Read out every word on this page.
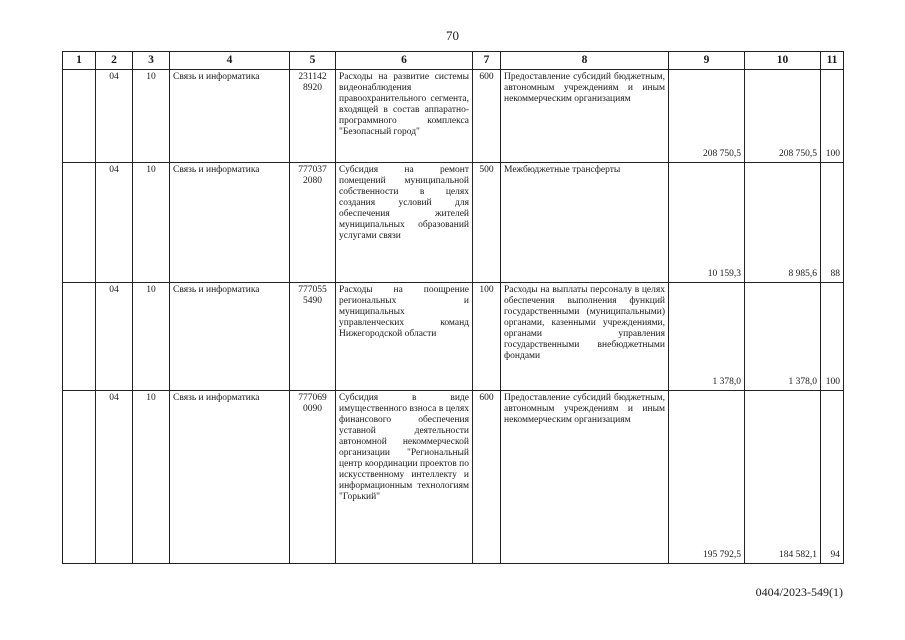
70
1	2	3	4	5	6	7	8	9	10	11
	04	10	Связь и информатика	231142 8920	Расходы на развитие системы видеонаблюдения правоохранительного сегмента, входящей в состав аппаратно-программного комплекса "Безопасный город"	600	Предоставление субсидий бюджетным, автономным учреждениям и иным некоммерческим организациям	208 750,5	208 750,5	100
	04	10	Связь и информатика	777037 2080	Субсидия на ремонт помещений муниципальной собственности в целях создания условий для обеспечения жителей муниципальных образований услугами связи	500	Межбюджетные трансферты	10 159,3	8 985,6	88
	04	10	Связь и информатика	777055 5490	Расходы на поощрение региональных и муниципальных управленческих команд Нижегородской области	100	Расходы на выплаты персоналу в целях обеспечения выполнения функций государственными (муниципальными) органами, казенными учреждениями, органами управления государственными внебюджетными фондами	1 378,0	1 378,0	100
	04	10	Связь и информатика	777069 0090	Субсидия в виде имущественного взноса в целях финансового обеспечения уставной деятельности автономной некоммерческой организации "Региональный центр координации проектов по искусственному интеллекту и информационным технологиям "Горький"	600	Предоставление субсидий бюджетным, автономным учреждениям и иным некоммерческим организациям	195 792,5	184 582,1	94
0404/2023-549(1)
